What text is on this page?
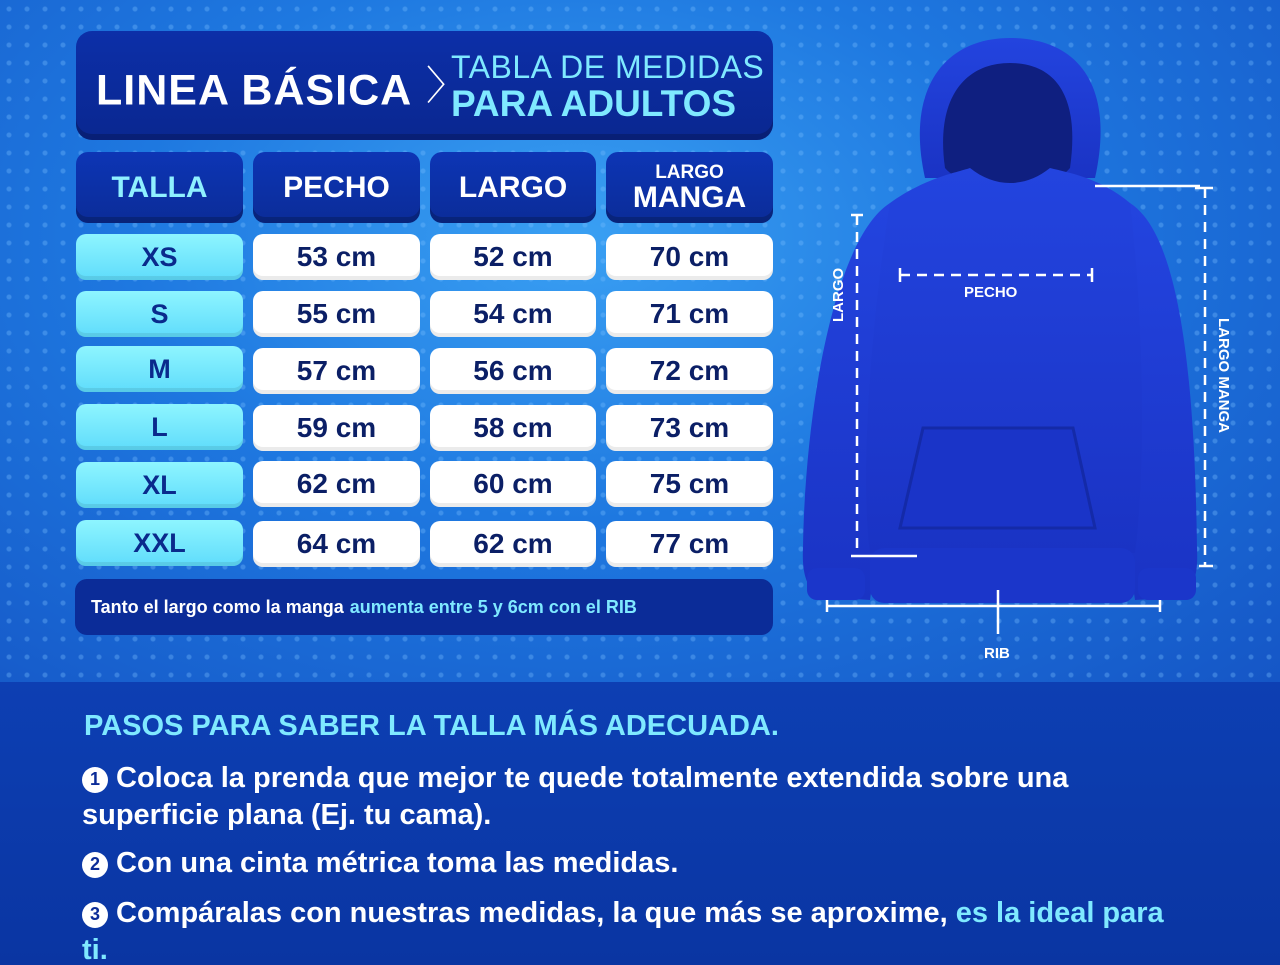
LINEA BÁSICA 〉
TABLA DE MEDIDAS
PARA ADULTOS
TALLA	PECHO	LARGO	LARGO
MANGA
XS	53 cm	52 cm	70 cm
S	55 cm	54 cm	71 cm
M	57 cm	56 cm	72 cm
L	59 cm	58 cm	73 cm
XL	62 cm	60 cm	75 cm
XXL	64 cm	62 cm	77 cm
Tanto el largo como la manga aumenta entre 5 y 6cm con el RIB
LARGO	PECHO
LARGO MANGA
RIB
PASOS PARA SABER LA TALLA MÁS ADECUADA.
1 Coloca la prenda que mejor te quede totalmente extendida sobre una superficie plana (Ej. tu cama).
2 Con una cinta métrica toma las medidas.
3 Compáralas con nuestras medidas, la que más se aproxime, es la ideal para ti.
